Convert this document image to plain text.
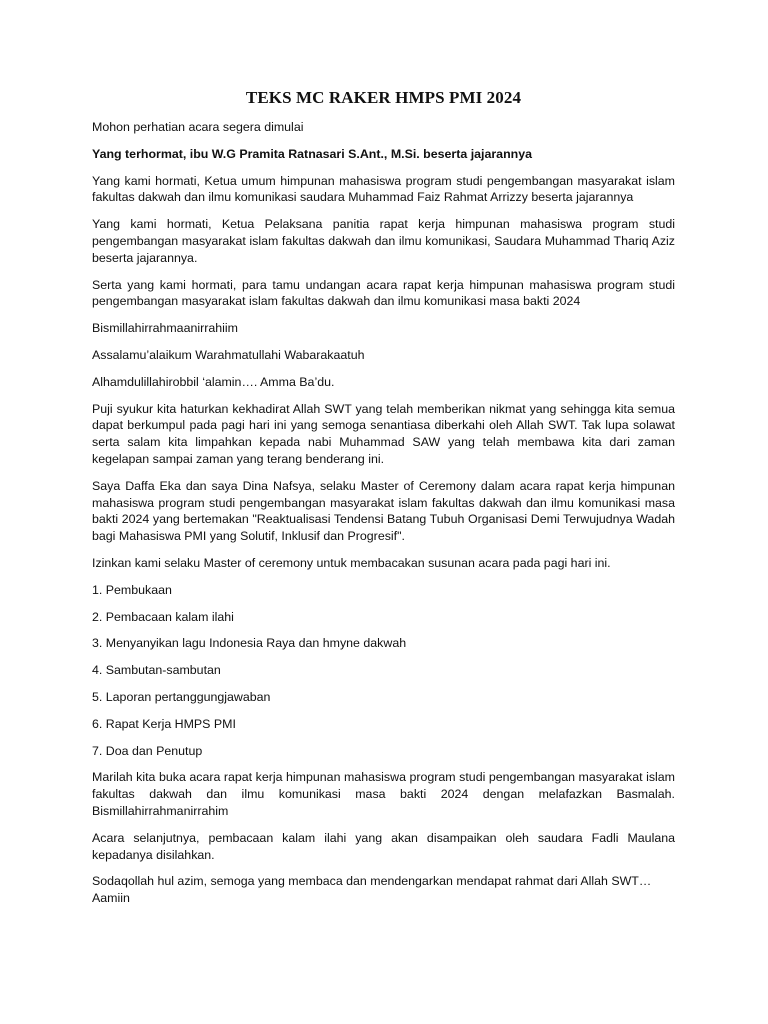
TEKS MC RAKER HMPS PMI 2024

Mohon perhatian acara segera dimulai

Yang terhormat, ibu W.G Pramita Ratnasari S.Ant., M.Si. beserta jajarannya

Yang kami hormati, Ketua umum himpunan mahasiswa program studi pengembangan masyarakat islam fakultas dakwah dan ilmu komunikasi saudara Muhammad Faiz Rahmat Arrizzy beserta jajarannya

Yang kami hormati, Ketua Pelaksana panitia rapat kerja himpunan mahasiswa program studi pengembangan masyarakat islam fakultas dakwah dan ilmu komunikasi, Saudara Muhammad Thariq Aziz beserta jajarannya.

Serta yang kami hormati, para tamu undangan acara rapat kerja himpunan mahasiswa program studi pengembangan masyarakat islam fakultas dakwah dan ilmu komunikasi masa bakti 2024

Bismillahirrahmaanirrahiim

Assalamu’alaikum Warahmatullahi Wabarakaatuh

Alhamdulillahirobbil ‘alamin…. Amma Ba’du.

Puji syukur kita haturkan kekhadirat Allah SWT yang telah memberikan nikmat yang sehingga kita semua dapat berkumpul pada pagi hari ini yang semoga senantiasa diberkahi oleh Allah SWT. Tak lupa solawat serta salam kita limpahkan kepada nabi Muhammad SAW yang telah membawa kita dari zaman kegelapan sampai zaman yang terang benderang ini.

Saya Daffa Eka dan saya Dina Nafsya, selaku Master of Ceremony dalam acara rapat kerja himpunan mahasiswa program studi pengembangan masyarakat islam fakultas dakwah dan ilmu komunikasi masa bakti 2024 yang bertemakan "Reaktualisasi Tendensi Batang Tubuh Organisasi Demi Terwujudnya Wadah bagi Mahasiswa PMI yang Solutif, Inklusif dan Progresif".

Izinkan kami selaku Master of ceremony untuk membacakan susunan acara pada pagi hari ini.

1. Pembukaan

2. Pembacaan kalam ilahi

3. Menyanyikan lagu Indonesia Raya dan hmyne dakwah

4. Sambutan-sambutan

5. Laporan pertanggungjawaban

6. Rapat Kerja HMPS PMI

7. Doa dan Penutup

Marilah kita buka acara rapat kerja himpunan mahasiswa program studi pengembangan masyarakat islam fakultas dakwah dan ilmu komunikasi masa bakti 2024 dengan melafazkan Basmalah. Bismillahirrahmanirrahim

Acara selanjutnya, pembacaan kalam ilahi yang akan disampaikan oleh saudara Fadli Maulana kepadanya disilahkan.

Sodaqollah hul azim, semoga yang membaca dan mendengarkan mendapat rahmat dari Allah SWT… Aamiin
